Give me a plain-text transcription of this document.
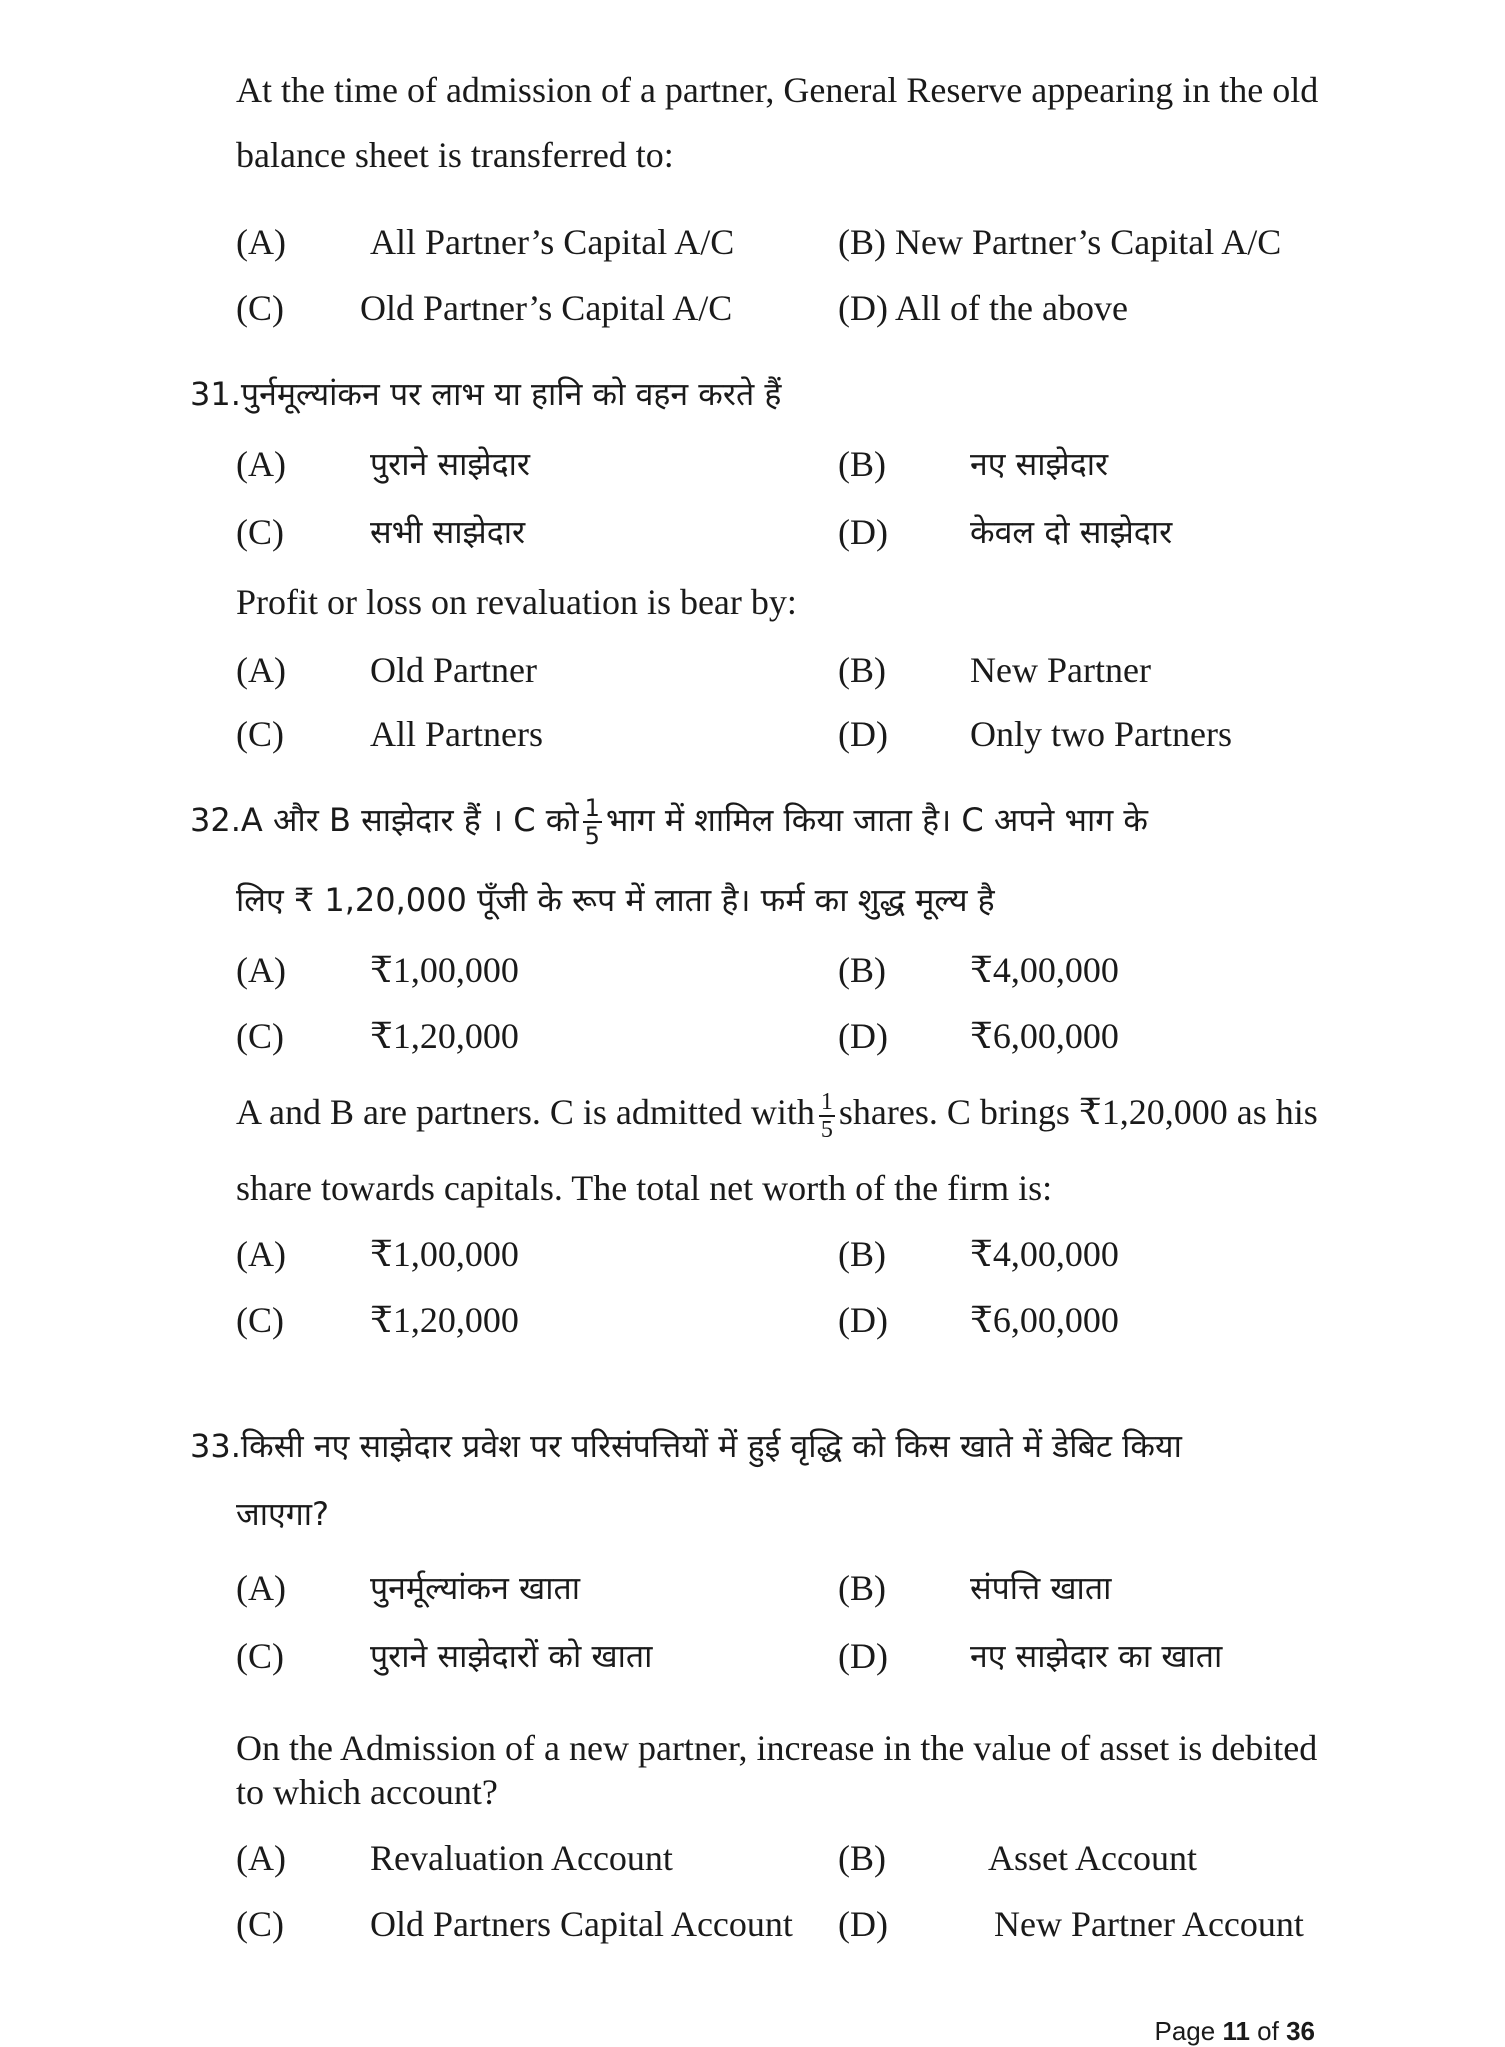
At the time of admission of a partner, General Reserve appearing in the old
balance sheet is transferred to:
(A) All Partner’s Capital A/C	(B) New Partner’s Capital A/C
(C) Old Partner’s Capital A/C	(D) All of the above
31.पुर्नमूल्यांकन पर लाभ या हानि को वहन करते हैं
(A)	पुराने साझेदार	(B)	नए साझेदार
(C)	सभी साझेदार	(D)	केवल दो साझेदार
Profit or loss on revaluation is bear by:
(A) Old Partner	(B) New Partner
(C) All Partners	(D) Only two Partners
32.A और B साझेदार हैं । C को $\frac{1}{5}$ भाग में शामिल किया जाता है। C अपने भाग के
लिए ₹ 1,20,000 पूँजी के रूप में लाता है। फर्म का शुद्ध मूल्य है
(A) ₹1,00,000	(B) ₹4,00,000
(C) ₹1,20,000	(D) ₹6,00,000
A and B are partners. C is admitted with $\frac{1}{5}$ shares. C brings ₹1,20,000 as his
share towards capitals. The total net worth of the firm is:
(A) ₹1,00,000	(B) ₹4,00,000
(C) ₹1,20,000	(D) ₹6,00,000
33.किसी नए साझेदार प्रवेश पर परिसंपत्तियों में हुई वृद्धि को किस खाते में डेबिट किया
जाएगा?
(A)	पुनर्मूल्यांकन खाता	(B)	संपत्ति खाता
(C)	पुराने साझेदारों को खाता	(D)	नए साझेदार का खाता
On the Admission of a new partner, increase in the value of asset is debited
to which account?
(A) Revaluation Account	(B)	Asset Account
(C) Old Partners Capital Account (D)	New Partner Account
Page 11 of 36
